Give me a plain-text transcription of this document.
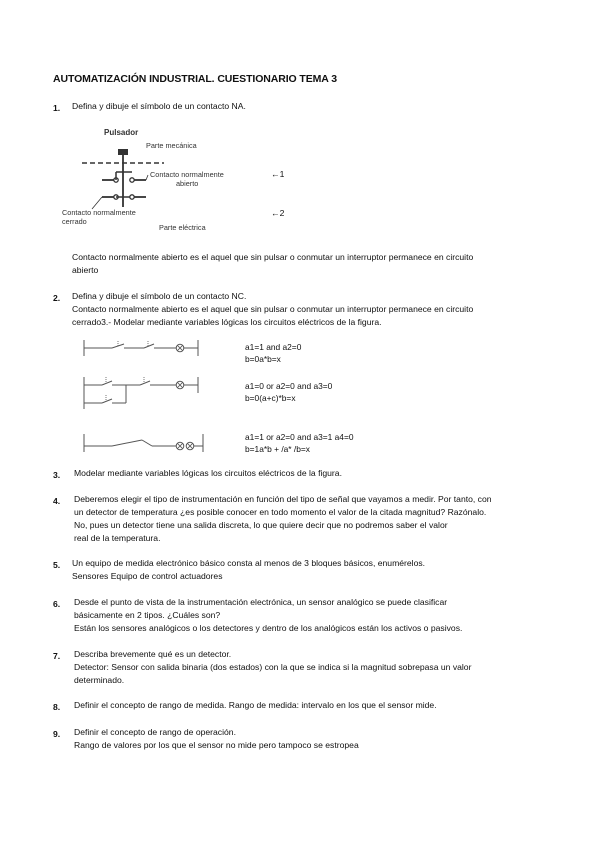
AUTOMATIZACIÓN INDUSTRIAL. CUESTIONARIO TEMA 3
1. Defina y dibuje el símbolo de un contacto NA.
Pulsador
Parte mecánica
Contacto normalmente
abierto
Contacto normalmente
cerrado
Parte eléctrica
←1
←2
Contacto normalmente abierto es el aquel que sin pulsar o conmutar un interruptor permanece en circuito
abierto
2. Defina y dibuje el símbolo de un contacto NC.
Contacto normalmente abierto es el aquel que sin pulsar o conmutar un interruptor permanece en circuito
cerrado3.- Modelar mediante variables lógicas los circuitos eléctricos de la figura.
a1=1 and a2=0
b=0a*b=x
a1=0 or a2=0 and a3=0
b=0(a+c)*b=x
a1=1 or a2=0 and a3=1 a4=0
b=1a*b + /a* /b=x
3. Modelar mediante variables lógicas los circuitos eléctricos de la figura.
4. Deberemos elegir el tipo de instrumentación en función del tipo de señal que vayamos a medir. Por tanto, con
un detector de temperatura ¿es posible conocer en todo momento el valor de la citada magnitud? Razónalo.
No, pues un detector tiene una salida discreta, lo que quiere decir que no podremos saber el valor
real de la temperatura.
5. Un equipo de medida electrónico básico consta al menos de 3 bloques básicos, enumérelos.
Sensores Equipo de control actuadores
6. Desde el punto de vista de la instrumentación electrónica, un sensor analógico se puede clasificar
básicamente en 2 tipos. ¿Cuáles son?
Están los sensores analógicos o los detectores y dentro de los analógicos están los activos o pasivos.
7. Describa brevemente qué es un detector.
Detector: Sensor con salida binaria (dos estados) con la que se indica si la magnitud sobrepasa un valor
determinado.
8. Definir el concepto de rango de medida. Rango de medida: intervalo en los que el sensor mide.
9. Definir el concepto de rango de operación.
Rango de valores por los que el sensor no mide pero tampoco se estropea
